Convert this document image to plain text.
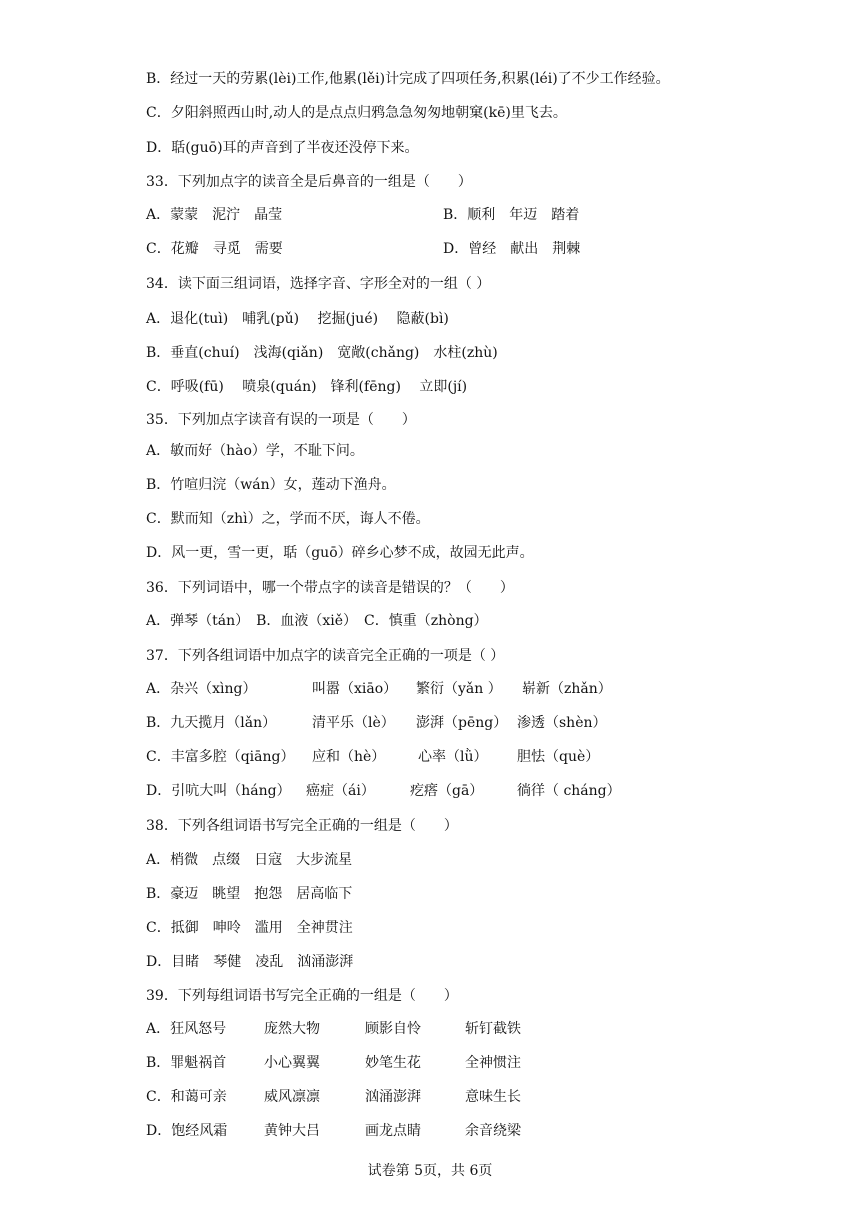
B．经过一天的劳累(lèi)工作,他累(lěi)计完成了四项任务,积累(léi)了不少工作经验。
C．夕阳斜照西山时,动人的是点点归鸦急急匆匆地朝窠(kē)里飞去。
D．聒(guō)耳的声音到了半夜还没停下来。
33．下列加点字的读音全是后鼻音的一组是（　　）
A．蒙蒙　泥泞　晶莹	B．顺利　年迈　踏着
C．花瓣　寻觅　需要	D．曾经　献出　荆棘
34．读下面三组词语，选择字音、字形全对的一组（ ）
A．退化(tuì)　哺乳(pǔ)　 挖掘(jué)　 隐蔽(bì)
B．垂直(chuí)　浅海(qiǎn)　宽敞(chǎng)　水柱(zhù)
C．呼吸(fū)　 喷泉(quán)　锋利(fēng)　 立即(jí)
35．下列加点字读音有误的一项是（　　）
A．敏而好（hào）学，不耻下问。
B．竹喧归浣（wán）女，莲动下渔舟。
C．默而知（zhì）之，学而不厌，诲人不倦。
D．风一更，雪一更，聒（guō）碎乡心梦不成，故园无此声。
36．下列词语中，哪一个带点字的读音是错误的？（　　）
A．弹琴（tán）　B．血液（xiě）　C．慎重（zhòng）
37．下列各组词语中加点字的读音完全正确的一项是（ ）
A．杂兴（xìng）	叫嚣（xiāo） 繁衍（yǎn ） 崭新（zhǎn）
B．九天揽月（lǎn）	清平乐（lè） 澎湃（pēng） 渗透（shèn）
C．丰富多腔（qiāng） 应和（hè） 心率（lǜ） 胆怯（què）
D．引吭大叫（háng） 癌症（ái）	疙瘩（gā） 徜徉（ cháng）
38．下列各组词语书写完全正确的一组是（　　）
A．梢微　点缀　日寇　大步流星
B．豪迈　眺望　抱怨　居高临下
C．抵御　呻呤　滥用　全神贯注
D．目睹　琴健　凌乱　汹涌澎湃
39．下列每组词语书写完全正确的一组是（　　）
A．狂风怒号	庞然大物	顾影自怜	斩钉截铁
B．罪魁祸首	小心翼翼	妙笔生花	全神惯注
C．和蔼可亲	威风凛凛	汹涌澎湃	意味生长
D．饱经风霜	黄钟大吕	画龙点睛	余音绕梁
试卷第 5页，共 6页
